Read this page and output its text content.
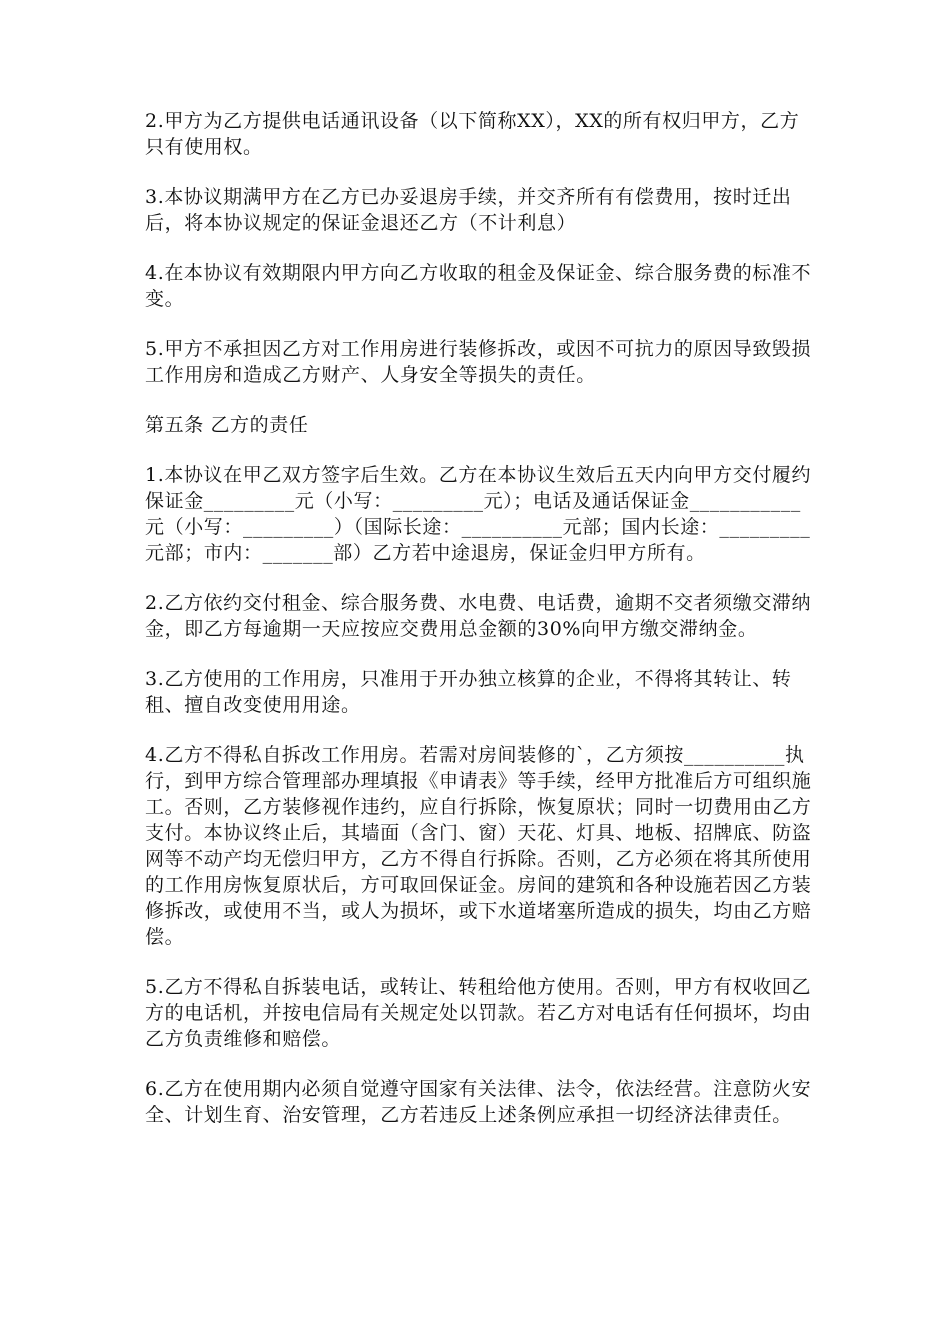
2.甲方为乙方提供电话通讯设备（以下简称XX），XX的所有权归甲方，乙方只有使用权。

3.本协议期满甲方在乙方已办妥退房手续，并交齐所有有偿费用，按时迁出后，将本协议规定的保证金退还乙方（不计利息）

4.在本协议有效期限内甲方向乙方收取的租金及保证金、综合服务费的标准不变。

5.甲方不承担因乙方对工作用房进行装修拆改，或因不可抗力的原因导致毁损工作用房和造成乙方财产、人身安全等损失的责任。

第五条 乙方的责任

1.本协议在甲乙双方签字后生效。乙方在本协议生效后五天内向甲方交付履约保证金_________元（小写：_________元）；电话及通话保证金___________元（小写：_________）（国际长途：__________元部；国内长途：_________元部；市内：_______部）乙方若中途退房，保证金归甲方所有。

2.乙方依约交付租金、综合服务费、水电费、电话费，逾期不交者须缴交滞纳金，即乙方每逾期一天应按应交费用总金额的30%向甲方缴交滞纳金。

3.乙方使用的工作用房，只准用于开办独立核算的企业，不得将其转让、转租、擅自改变使用用途。

4.乙方不得私自拆改工作用房。若需对房间装修的`，乙方须按__________执行，到甲方综合管理部办理填报《申请表》等手续，经甲方批准后方可组织施工。否则，乙方装修视作违约，应自行拆除，恢复原状；同时一切费用由乙方支付。本协议终止后，其墙面（含门、窗）天花、灯具、地板、招牌底、防盗网等不动产均无偿归甲方，乙方不得自行拆除。否则，乙方必须在将其所使用的工作用房恢复原状后，方可取回保证金。房间的建筑和各种设施若因乙方装修拆改，或使用不当，或人为损坏，或下水道堵塞所造成的损失，均由乙方赔偿。

5.乙方不得私自拆装电话，或转让、转租给他方使用。否则，甲方有权收回乙方的电话机，并按电信局有关规定处以罚款。若乙方对电话有任何损坏，均由乙方负责维修和赔偿。

6.乙方在使用期内必须自觉遵守国家有关法律、法令，依法经营。注意防火安全、计划生育、治安管理，乙方若违反上述条例应承担一切经济法律责任。
